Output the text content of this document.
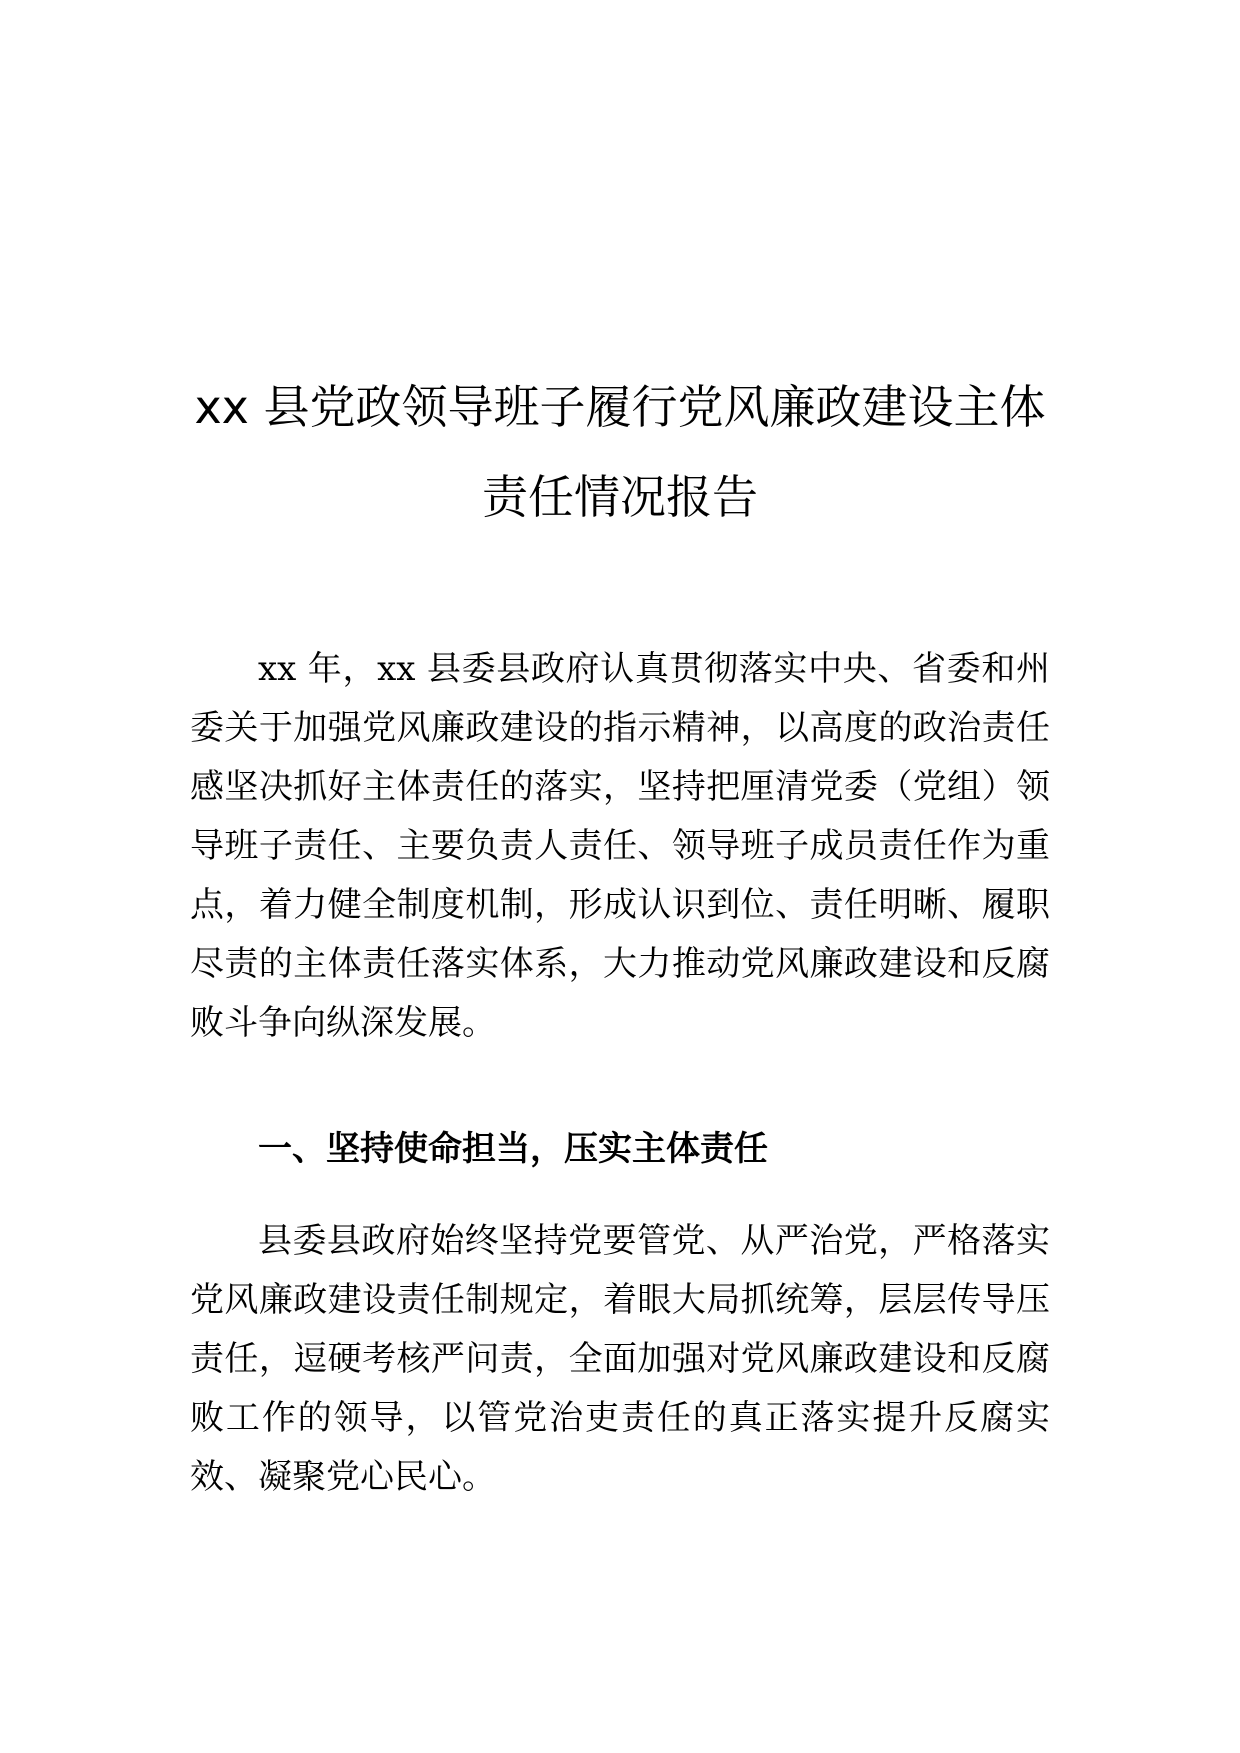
xx 县党政领导班子履行党风廉政建设主体
责任情况报告

xx 年，xx 县委县政府认真贯彻落实中央、省委和州委关于加强党风廉政建设的指示精神，以高度的政治责任感坚决抓好主体责任的落实，坚持把厘清党委（党组）领导班子责任、主要负责人责任、领导班子成员责任作为重点，着力健全制度机制，形成认识到位、责任明晰、履职尽责的主体责任落实体系，大力推动党风廉政建设和反腐败斗争向纵深发展。

一、坚持使命担当，压实主体责任

县委县政府始终坚持党要管党、从严治党，严格落实党风廉政建设责任制规定，着眼大局抓统筹，层层传导压责任，逗硬考核严问责，全面加强对党风廉政建设和反腐败工作的领导，以管党治吏责任的真正落实提升反腐实效、凝聚党心民心。
